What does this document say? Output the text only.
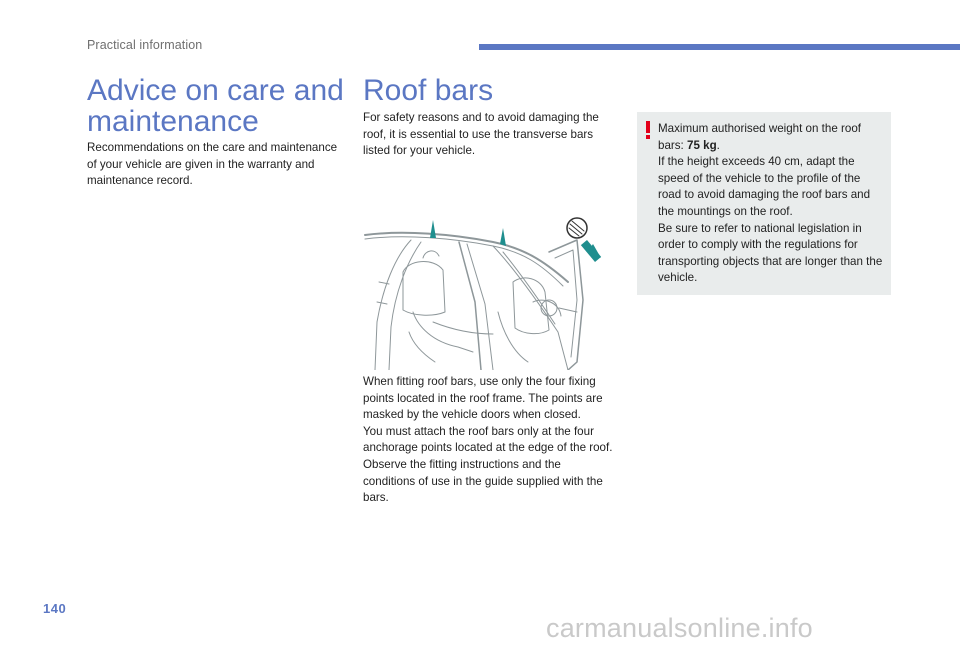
Practical information
Advice on care and
maintenance

Recommendations on the care and maintenance of your vehicle are given in the warranty and maintenance record.

Roof bars

For safety reasons and to avoid damaging the roof, it is essential to use the transverse bars listed for your vehicle.

When fitting roof bars, use only the four fixing points located in the roof frame. The points are masked by the vehicle doors when closed.
You must attach the roof bars only at the four anchorage points located at the edge of the roof.
Observe the fitting instructions and the conditions of use in the guide supplied with the bars.
Maximum authorised weight on the roof bars: 75 kg.
If the height exceeds 40 cm, adapt the speed of the vehicle to the profile of the road to avoid damaging the roof bars and the mountings on the roof.
Be sure to refer to national legislation in order to comply with the regulations for transporting objects that are longer than the vehicle.
140
carmanualsonline.info
